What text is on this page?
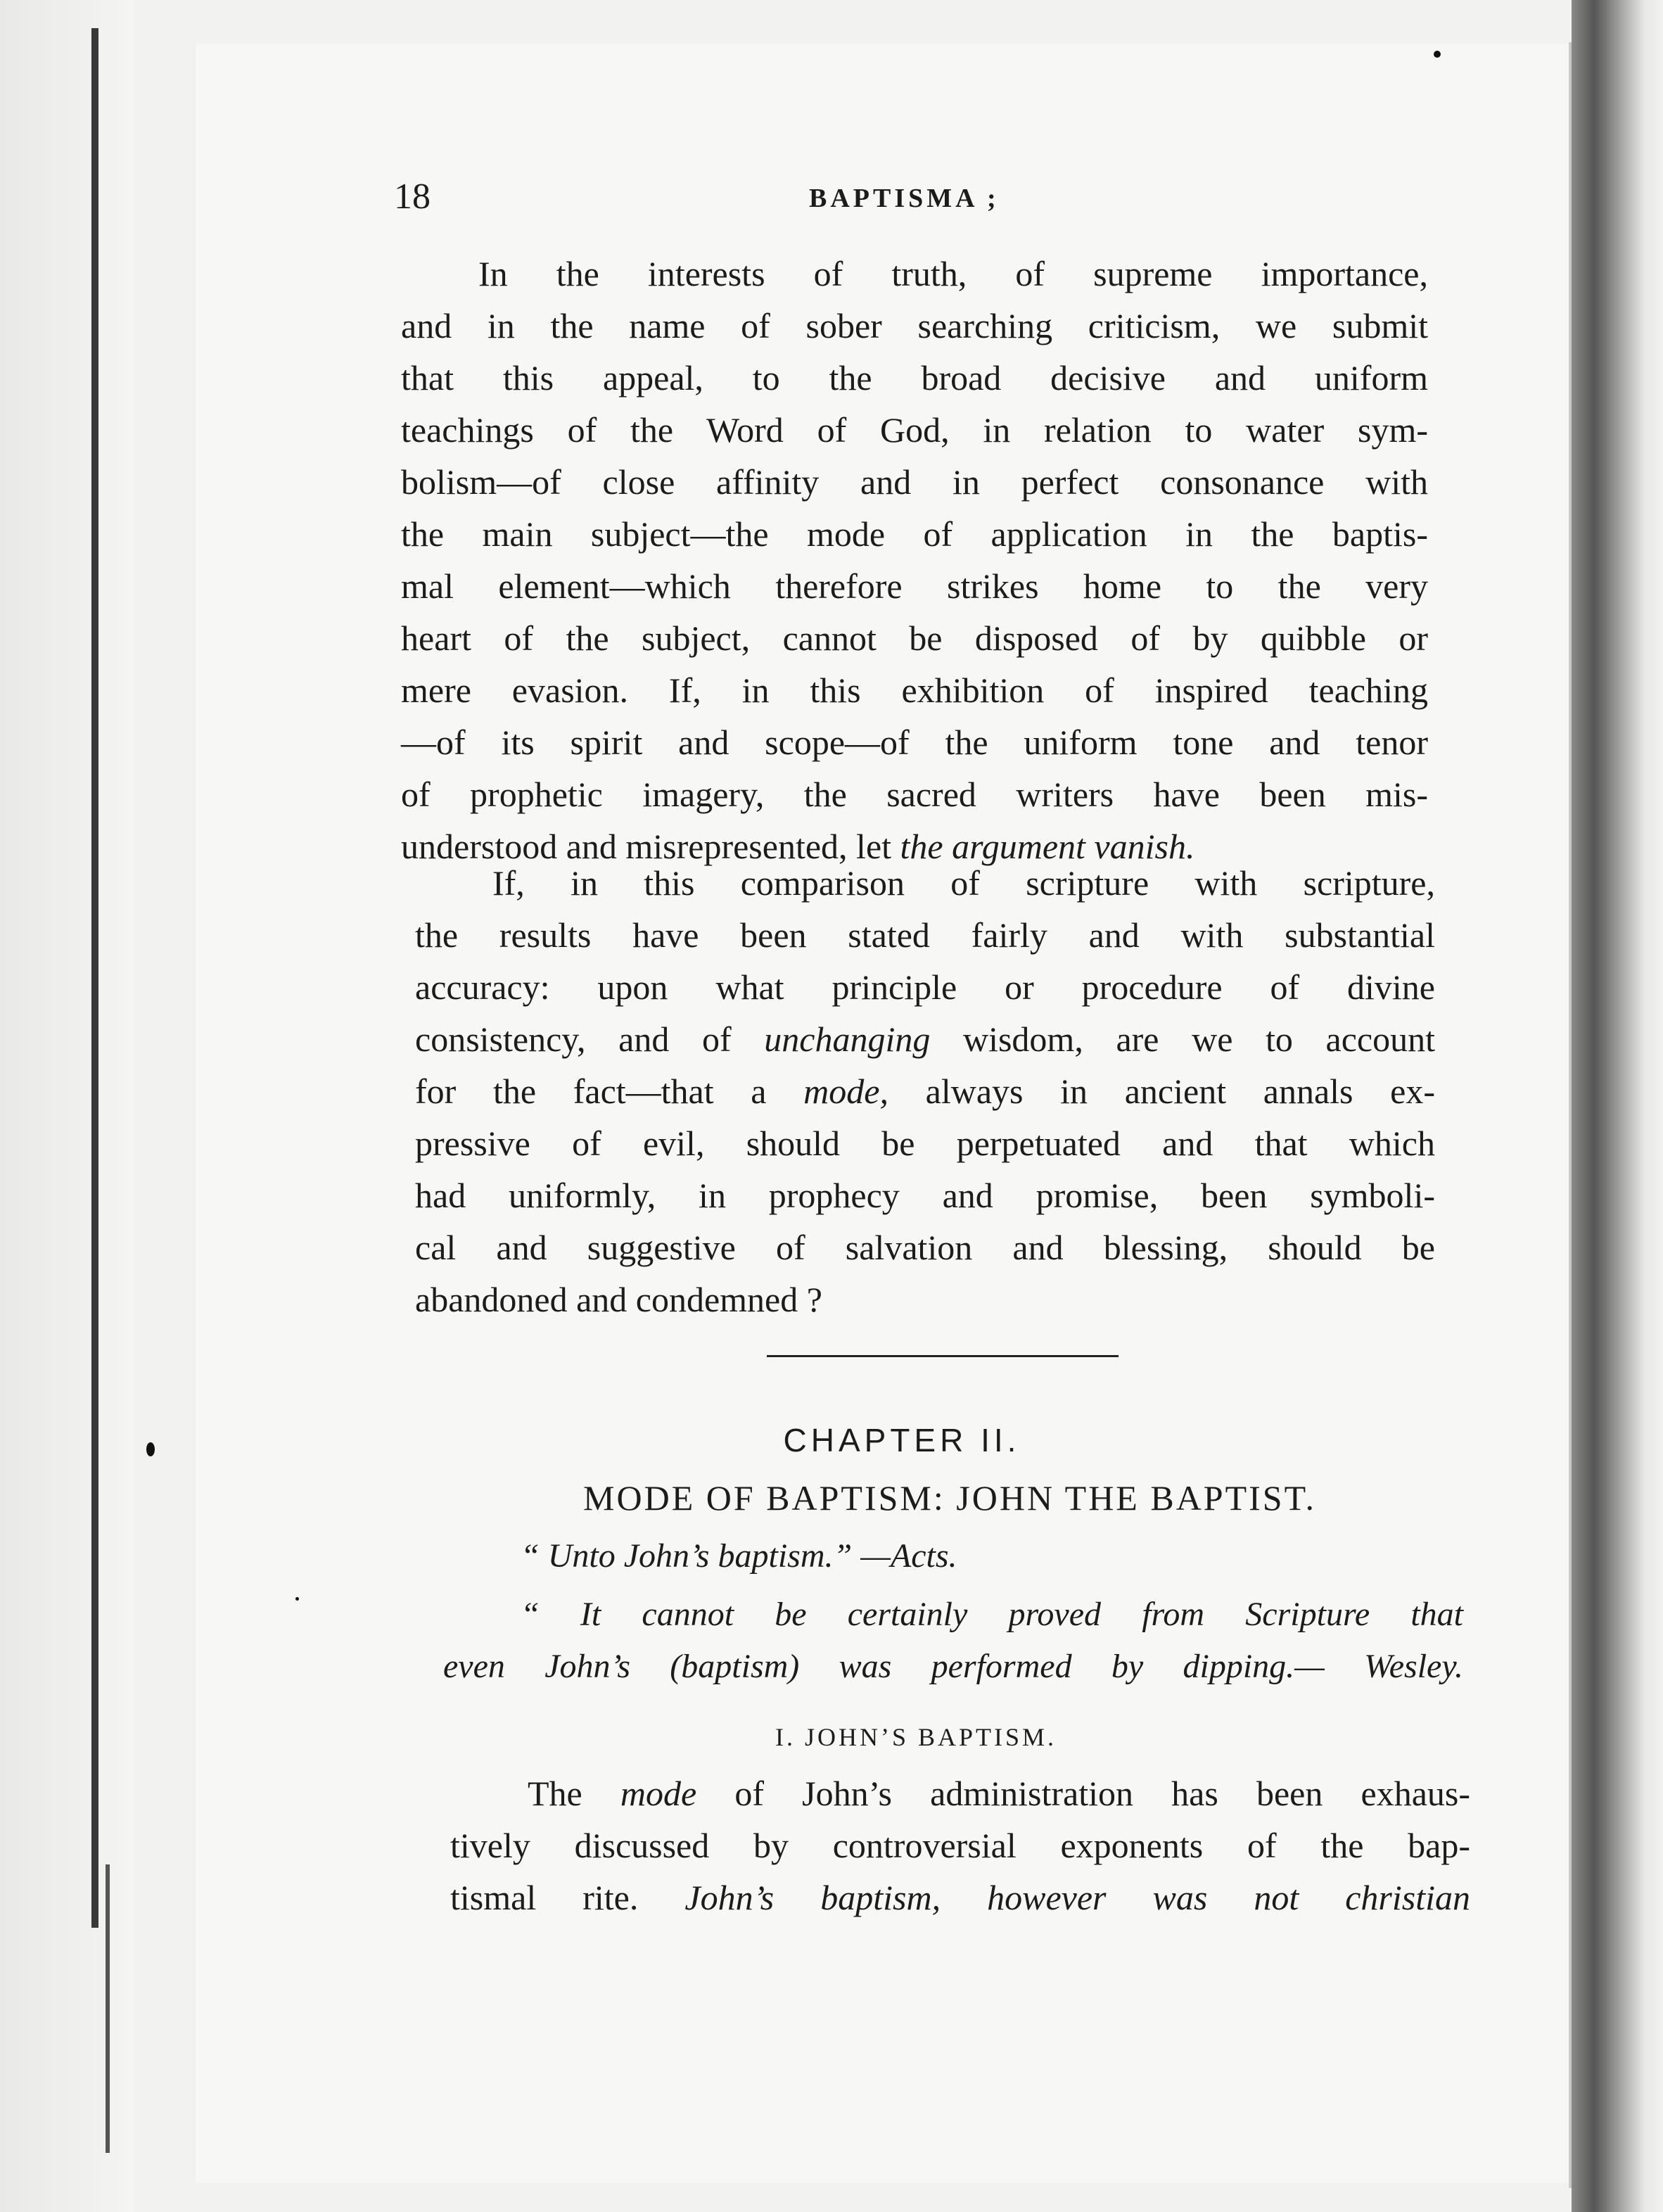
18	BAPTISMA ;
In the interests of truth, of supreme importance,
and in the name of sober searching criticism, we submit
that this appeal, to the broad decisive and uniform
teachings of the Word of God, in relation to water sym-
bolism—of close affinity and in perfect consonance with
the main subject—the mode of application in the baptis-
mal element—which therefore strikes home to the very
heart of the subject, cannot be disposed of by quibble or
mere evasion. If, in this exhibition of inspired teaching
—of its spirit and scope—of the uniform tone and tenor
of prophetic imagery, the sacred writers have been mis-
understood and misrepresented, let the argument vanish.
If, in this comparison of scripture with scripture,
the results have been stated fairly and with substantial
accuracy: upon what principle or procedure of divine
consistency, and of unchanging wisdom, are we to account
for the fact—that a mode, always in ancient annals ex-
pressive of evil, should be perpetuated and that which
had uniformly, in prophecy and promise, been symboli-
cal and suggestive of salvation and blessing, should be
abandoned and condemned ?
CHAPTER II.
MODE OF BAPTISM: JOHN THE BAPTIST.
“ Unto John’s baptism.” —Acts.
“ It cannot be certainly proved from Scripture that
even John’s (baptism) was performed by dipping.— Wesley.
I. JOHN’S BAPTISM.
The mode of John’s administration has been exhaus-
tively discussed by controversial exponents of the bap-
tismal rite. John’s baptism, however was not christian
